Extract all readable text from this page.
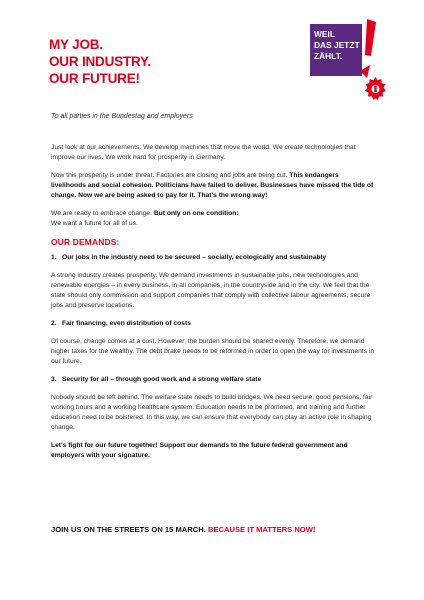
MY JOB.
OUR INDUSTRY.
OUR FUTURE!
WEIL
DAS JETZT
ZÄHLT.
To all parties in the Bundestag and employers

Just look at our achievements: We develop machines that move the world. We create technologies that improve our lives. We work hard for prosperity in Germany.

Now this prosperity is under threat. Factories are closing and jobs are being cut. This endangers livelihoods and social cohesion. Politicians have failed to deliver. Businesses have missed the tide of change. Now we are being asked to pay for it. That's the wrong way!

We are ready to embrace change. But only on one condition:
We want a future for all of us.

OUR DEMANDS:
1. Our jobs in the industry need to be secured – socially, ecologically and sustainably

A strong industry creates prosperity. We demand investments in sustainable jobs, new technologies and renewable energies – in every business, in all companies, in the countryside and in the city. We feel that the state should only commission and support companies that comply with collective labour agreements, secure jobs and preserve locations.

2. Fair financing, even distribution of costs

Of course, change comes at a cost. However, the burden should be shared evenly. Therefore, we demand higher taxes for the wealthy. The debt brake needs to be reformed in order to open the way for investments in our future.

3. Security for all – through good work and a strong welfare state

Nobody should be left behind. The welfare state needs to build bridges. We need secure, good pensions, fair working hours and a working healthcare system. Education needs to be promoted, and training and further education need to be bolstered. In this way, we can ensure that everybody can play an active role in shaping change.

Let's fight for our future together! Support our demands to the future federal government and employers with your signature.

JOIN US ON THE STREETS ON 15 MARCH. BECAUSE IT MATTERS NOW!
